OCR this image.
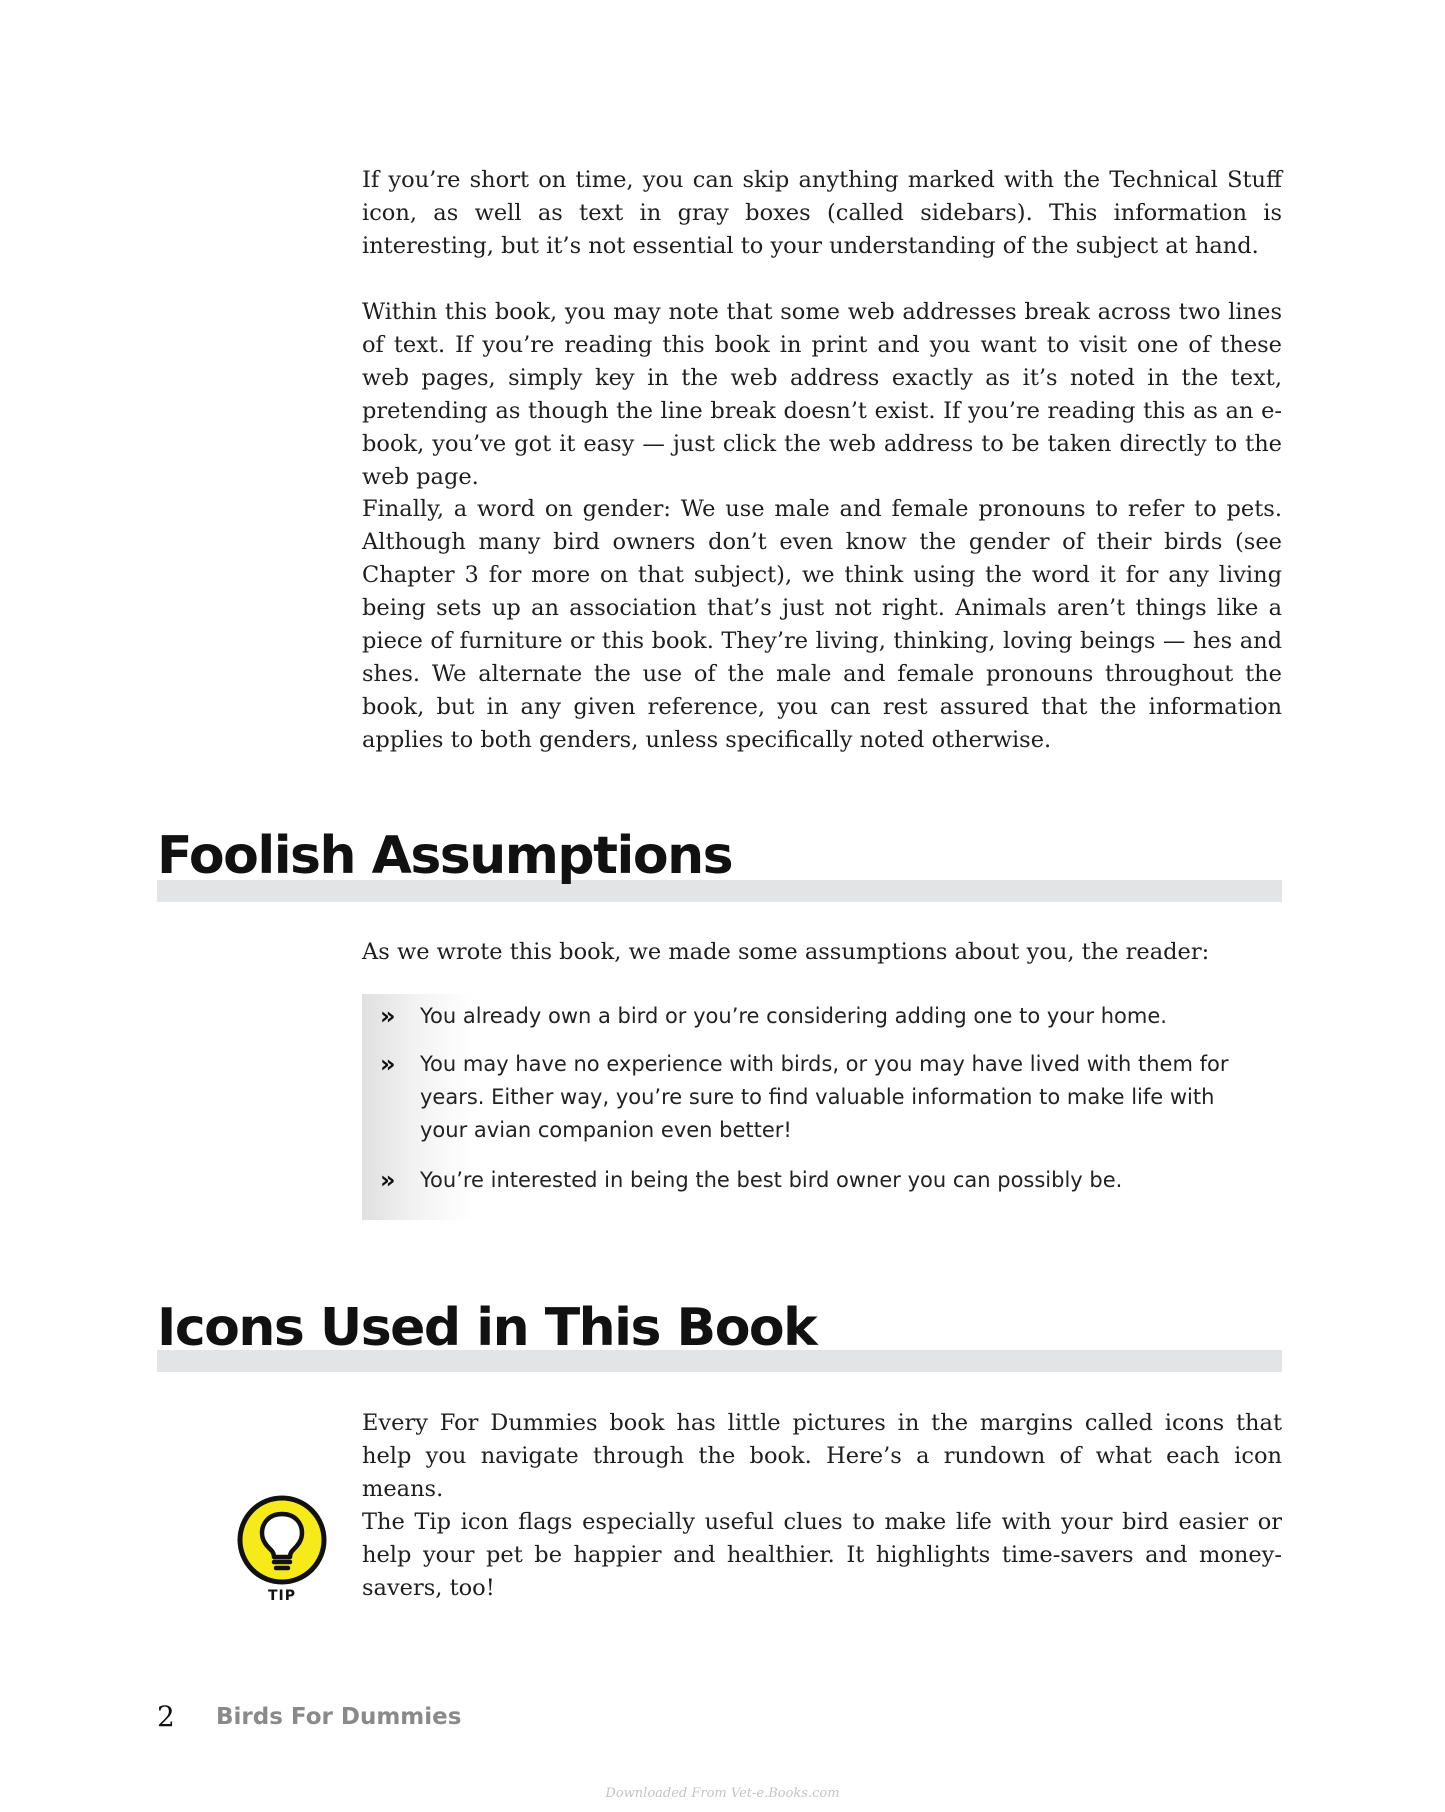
If you’re short on time, you can skip anything marked with the Technical Stuff icon, as well as text in gray boxes (called sidebars). This information is interesting, but it’s not essential to your understanding of the subject at hand.

Within this book, you may note that some web addresses break across two lines of text. If you’re reading this book in print and you want to visit one of these web pages, simply key in the web address exactly as it’s noted in the text, pretending as though the line break doesn’t exist. If you’re reading this as an e-book, you’ve got it easy — just click the web address to be taken directly to the web page.

Finally, a word on gender: We use male and female pronouns to refer to pets. Although many bird owners don’t even know the gender of their birds (see Chapter 3 for more on that subject), we think using the word it for any living being sets up an association that’s just not right. Animals aren’t things like a piece of furniture or this book. They’re living, thinking, loving beings — hes and shes. We alternate the use of the male and female pronouns throughout the book, but in any given reference, you can rest assured that the information applies to both genders, unless specifically noted otherwise.

Foolish Assumptions

As we wrote this book, we made some assumptions about you, the reader:

» You already own a bird or you’re considering adding one to your home.
» You may have no experience with birds, or you may have lived with them for years. Either way, you’re sure to find valuable information to make life with your avian companion even better!
» You’re interested in being the best bird owner you can possibly be.
Icons Used in This Book

Every For Dummies book has little pictures in the margins called icons that help you navigate through the book. Here’s a rundown of what each icon means.

TIP

The Tip icon flags especially useful clues to make life with your bird easier or help your pet be happier and healthier. It highlights time-savers and money-savers, too!

2 Birds For Dummies
Downloaded From Vet-e.Books.com
